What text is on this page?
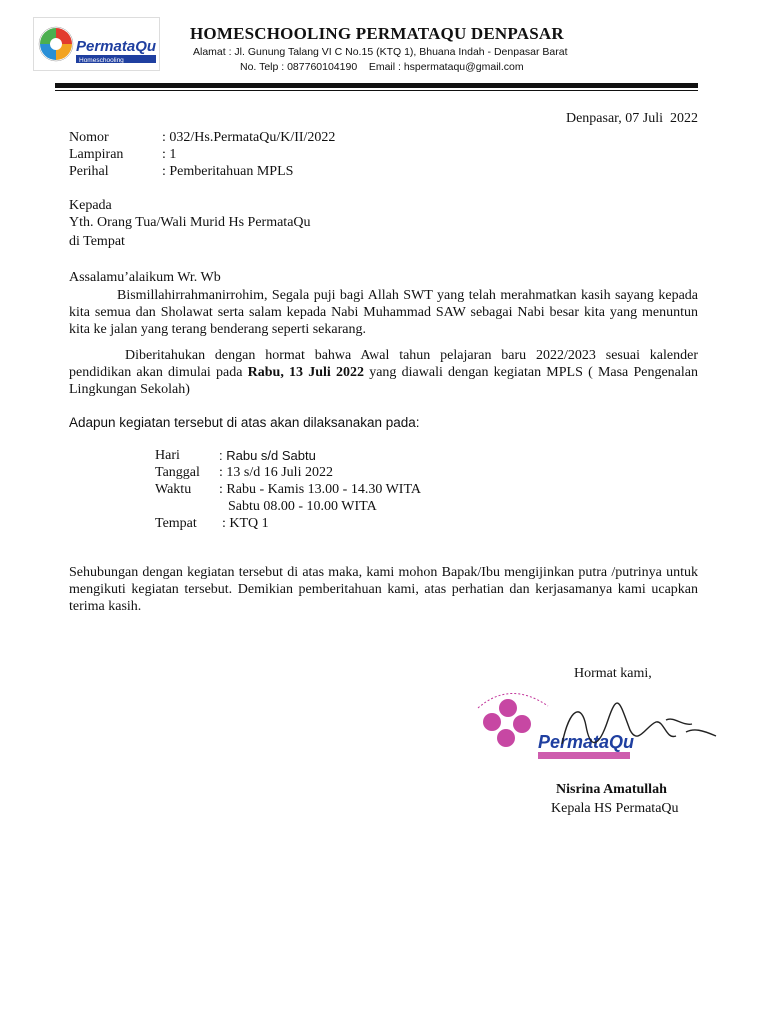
PermataQu
Homeschooling
HOMESCHOOLING PERMATAQU DENPASAR
Alamat : Jl. Gunung Talang VI C No.15 (KTQ 1), Bhuana Indah - Denpasar Barat
No. Telp : 087760104190    Email : hspermataqu@gmail.com
Denpasar, 07 Juli  2022
Nomor	: 032/Hs.PermataQu/K/II/2022
Lampiran	: 1
Perihal	: Pemberitahuan MPLS
Kepada
Yth. Orang Tua/Wali Murid Hs PermataQu
di Tempat
Assalamu’alaikum Wr. Wb
Bismillahirrahmanirrohim, Segala puji bagi Allah SWT yang telah merahmatkan kasih sayang kepada kita semua dan Sholawat serta salam kepada Nabi Muhammad SAW sebagai Nabi besar kita yang menuntun kita ke jalan yang terang benderang seperti sekarang.
Diberitahukan dengan hormat bahwa Awal tahun pelajaran baru 2022/2023 sesuai kalender pendidikan akan dimulai pada Rabu, 13 Juli 2022 yang diawali dengan kegiatan MPLS ( Masa Pengenalan Lingkungan Sekolah)
Adapun kegiatan tersebut di atas akan dilaksanakan pada:
Hari	: Rabu s/d Sabtu
Tanggal : 13 s/d 16 Juli 2022
Waktu : Rabu - Kamis 13.00 - 14.30 WITA
Sabtu 08.00 - 10.00 WITA
Tempat : KTQ 1
Sehubungan dengan kegiatan tersebut di atas maka, kami mohon Bapak/Ibu mengijinkan putra /putrinya untuk mengikuti kegiatan tersebut. Demikian pemberitahuan kami, atas perhatian dan kerjasamanya kami ucapkan terima kasih.
Hormat kami,
PermataQu
Nisrina Amatullah
Kepala HS PermataQu
